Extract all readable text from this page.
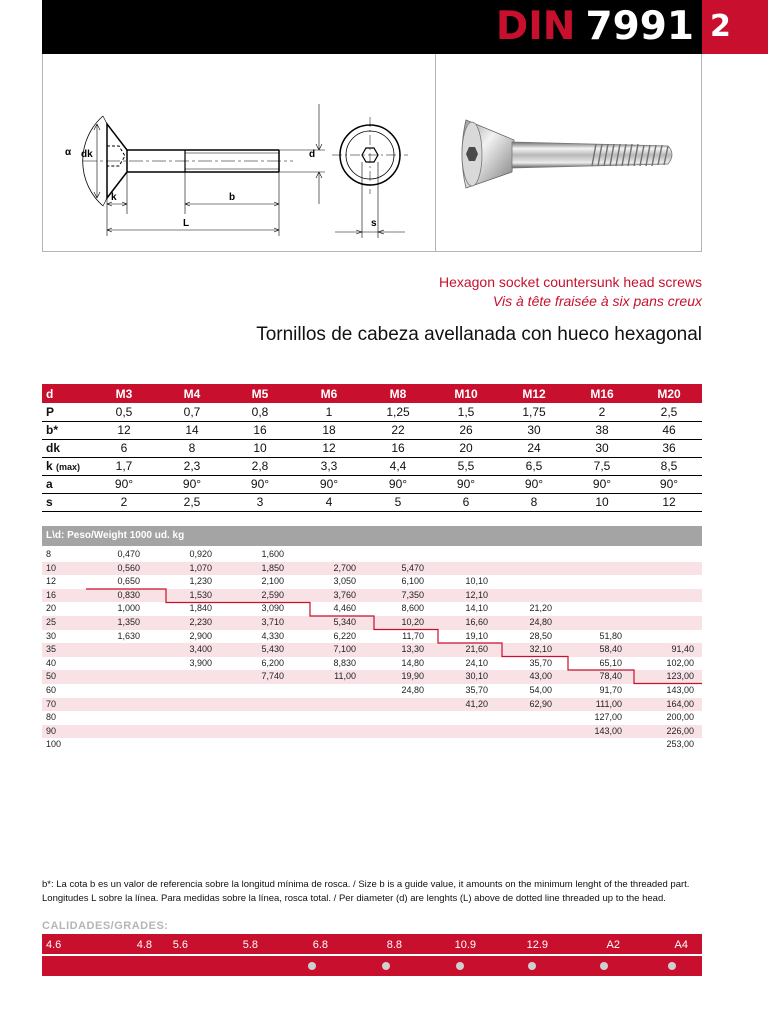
DIN 7991 2
α dk
k	b
L
d
s
Hexagon socket countersunk head screws
Vis à tête fraisée à six pans creux
Tornillos de cabeza avellanada con hueco hexagonal
d	M3	M4	M5	M6	M8	M10	M12	M16	M20
P	0,5	0,7	0,8	1	1,25	1,5	1,75	2	2,5
b*	12	14	16	18	22	26	30	38	46
dk	6	8	10	12	16	20	24	30	36
k (max)	1,7	2,3	2,8	3,3	4,4	5,5	6,5	7,5	8,5
a	90°	90°	90°	90°	90°	90°	90°	90°	90°
s	2	2,5	3	4	5	6	8	10	12
L\d: Peso/Weight 1000 ud. kg
8	0,470	0,920	1,600						
10	0,560	1,070	1,850	2,700	5,470				
12	0,650	1,230	2,100	3,050	6,100	10,10			
16	0,830	1,530	2,590	3,760	7,350	12,10			
20	1,000	1,840	3,090	4,460	8,600	14,10	21,20		
25	1,350	2,230	3,710	5,340	10,20	16,60	24,80		
30	1,630	2,900	4,330	6,220	11,70	19,10	28,50	51,80	
35		3,400	5,430	7,100	13,30	21,60	32,10	58,40	91,40
40		3,900	6,200	8,830	14,80	24,10	35,70	65,10	102,00
50			7,740	11,00	19,90	30,10	43,00	78,40	123,00
60					24,80	35,70	54,00	91,70	143,00
70						41,20	62,90	111,00	164,00
80								127,00	200,00
90								143,00	226,00
100									253,00
b*: La cota b es un valor de referencia sobre la longitud mínima de rosca. / Size b is a guide value, it amounts on the minimum lenght of the threaded part. Longitudes L sobre la línea. Para medidas sobre la línea, rosca total. / Per diameter (d) are lenghts (L) above de dotted line threaded up to the head.
CALIDADES/GRADES:
4.6	4.8	5.6	5.8	6.8	8.8	10.9	12.9	A2	A4
